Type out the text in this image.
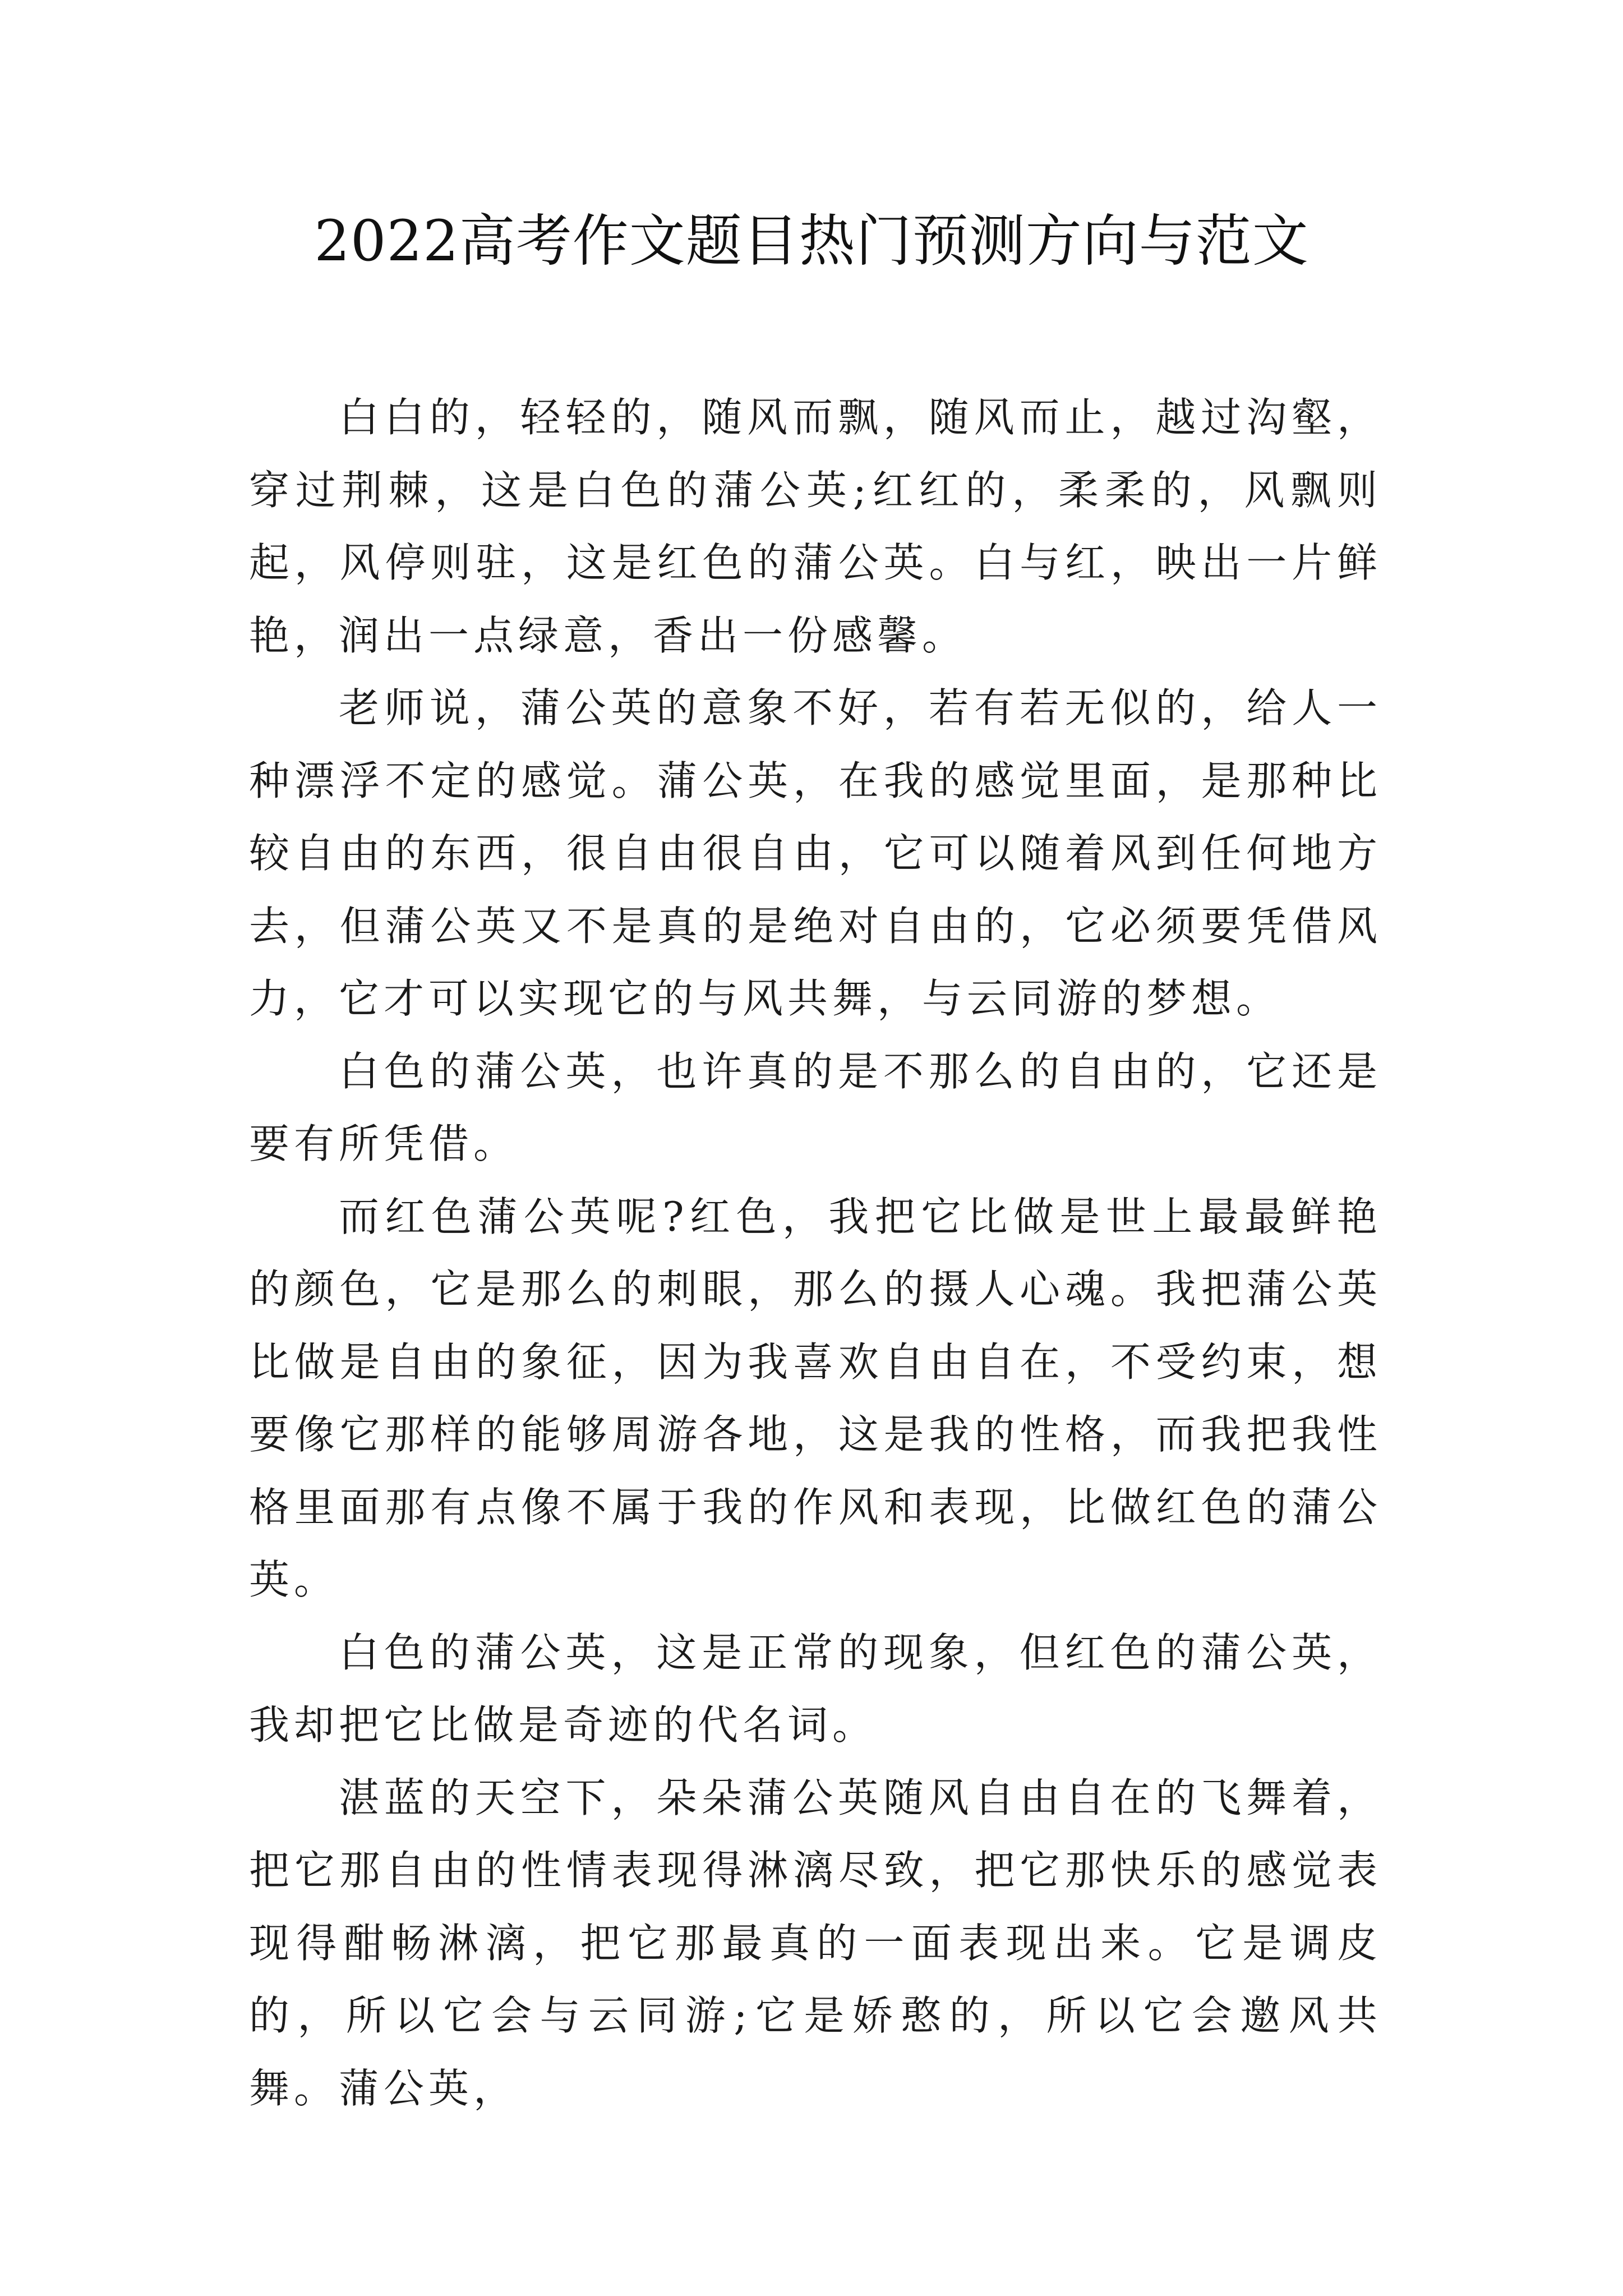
2022高考作文题目热门预测方向与范文

白白的，轻轻的，随风而飘，随风而止，越过沟壑，穿过荆棘，这是白色的蒲公英;红红的，柔柔的，风飘则起，风停则驻，这是红色的蒲公英。白与红，映出一片鲜艳，润出一点绿意，香出一份感馨。

老师说，蒲公英的意象不好，若有若无似的，给人一种漂浮不定的感觉。蒲公英，在我的感觉里面，是那种比较自由的东西，很自由很自由，它可以随着风到任何地方去，但蒲公英又不是真的是绝对自由的，它必须要凭借风力，它才可以实现它的与风共舞，与云同游的梦想。

白色的蒲公英，也许真的是不那么的自由的，它还是要有所凭借。

而红色蒲公英呢?红色，我把它比做是世上最最鲜艳的颜色，它是那么的刺眼，那么的摄人心魂。我把蒲公英比做是自由的象征，因为我喜欢自由自在，不受约束，想要像它那样的能够周游各地，这是我的性格，而我把我性格里面那有点像不属于我的作风和表现，比做红色的蒲公英。

白色的蒲公英，这是正常的现象，但红色的蒲公英，我却把它比做是奇迹的代名词。

湛蓝的天空下，朵朵蒲公英随风自由自在的飞舞着，把它那自由的性情表现得淋漓尽致，把它那快乐的感觉表现得酣畅淋漓，把它那最真的一面表现出来。它是调皮的，所以它会与云同游;它是娇憨的，所以它会邀风共舞。蒲公英，
